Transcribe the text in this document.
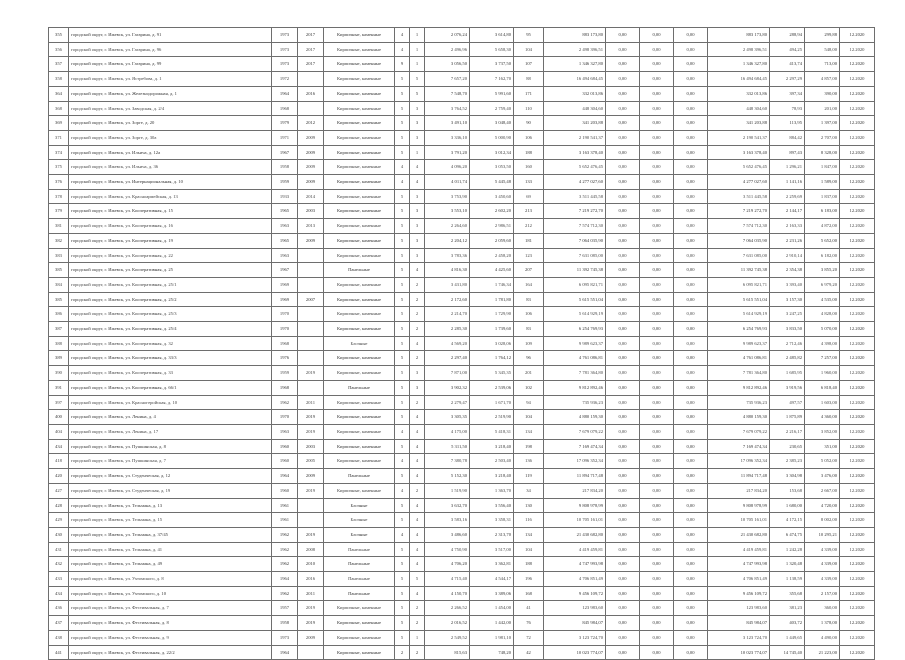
355	городской округ, г. Ижевск, ул. Гагарина, д. 91	1973	2017	Кирпичные, каменные	4	1	2 076,24	3 614,80	95	883 173,80	0,00	0,00	0,00	883 173,80	288,94	299,88	12.2020
356	городской округ, г. Ижевск, ул. Гагарина, д. 96	1973	2017	Кирпичные, каменные	4	1	2 496,96	5 658,30	104	2 498 396,51	0,00	0,00	0,00	2 498 396,51	494,25	548,00	12.2020
357	городской округ, г. Ижевск, ул. Гагарина, д. 99	1973	2017	Кирпичные, каменные	9	1	3 056,50	3 737,50	107	1 346 327,80	0,00	0,00	0,00	1 346 327,80	413,74	713,00	12.2020
358	городской округ, г. Ижевск, ул. Ястребова, д. 1	1972		Кирпичные, каменные	5	5	7 657,20	7 162,70	88	16 494 684,45	0,00	0,00	0,00	16 494 684,45	2 297,29	4 857,00	12.2020
364	городской округ, г. Ижевск, ул. Железнодорожная, д. 1	1964	2016	Кирпичные, каменные	5	5	7 548,70	5 991,60	171	332 013,86	0,00	0,00	0,00	332 013,86	397,34	390,00	12.2020
368	городской округ, г. Ижевск, ул. Заводская, д. 2/4	1968		Кирпичные, каменные	5	3	3 764,52	2 759,40	110	448 304,60	0,00	0,00	0,00	448 304,60	78,93	201,00	12.2020
369	городской округ, г. Ижевск, ул. Зорге, д. 20	1979	2012	Кирпичные, каменные	5	3	3 491,10	3 048,40	90	341 203,88	0,00	0,00	0,00	341 203,88	113,95	1 397,00	12.2020
371	городской округ, г. Ижевск, ул. Зорге, д. 30а	1971	2009	Кирпичные, каменные	5	3	3 336,10	5 000,90	106	2 190 541,37	0,00	0,00	0,00	2 190 541,37	884,42	2 707,00	12.2020
374	городской округ, г. Ижевск, ул. Ильича, д. 12а	1967	2009	Кирпичные, каменные	5	1	3 791,20	3 012,34	188	3 163 378,40	0,00	0,00	0,00	3 163 378,40	897,43	8 328,00	12.2020
375	городской округ, г. Ижевск, ул. Ильича, д. 36	1958	2009	Кирпичные, каменные	4	4	4 096,20	3 053,50	160	5 652 476,45	0,00	0,00	0,00	5 652 476,45	1 296,21	1 847,00	12.2020
376	городской округ, г. Ижевск, ул. Интернациональная, д. 10	1959	2009	Кирпичные, каменные	4	4	4 011,74	5 445,48	133	4 277 027,60	0,00	0,00	0,00	4 277 027,60	1 141,16	1 589,00	12.2020
378	городской округ, г. Ижевск, ул. Красноармейская, д. 13	1933	2014	Кирпичные, каменные	5	3	3 753,90	3 450,60	69	3 511 445,58	0,00	0,00	0,00	3 511 445,58	2 259,69	1 837,00	12.2020
379	городской округ, г. Ижевск, ул. Кооперативная, д. 15	1965	2003	Кирпичные, каменные	5	3	3 553,10	2 602,20	213	7 219 272,70	0,00	0,00	0,00	7 219 272,70	2 144,17	6 183,00	12.2020
381	городской округ, г. Ижевск, ул. Кооперативная, д. 16	1963	2013	Кирпичные, каменные	5	3	2 264,60	2 986,51	212	7 574 712,30	0,00	0,00	0,00	7 574 712,30	2 163,33	4 872,00	12.2020
382	городской округ, г. Ижевск, ул. Кооперативная, д. 19	1965	2009	Кирпичные, каменные	5	3	2 204,12	2 059,60	181	7 064 035,90	0,00	0,00	0,00	7 064 035,90	2 231,26	5 652,00	12.2020
383	городской округ, г. Ижевск, ул. Кооперативная, д. 22	1963		Кирпичные, каменные	5	3	3 783,36	2 458,20	123	7 631 085,00	0,00	0,00	0,00	7 631 085,00	2 910,14	6 182,00	12.2020
385	городской округ, г. Ижевск, ул. Кооперативная, д. 25	1967		Панельные	5	4	4 816,30	4 425,60	207	11 392 745,38	0,00	0,00	0,00	11 392 745,38	2 354,38	3 855,20	12.2020
384	городской округ, г. Ижевск, ул. Кооперативная, д. 25/1	1969		Кирпичные, каменные	5	2	3 431,80	1 746,34	164	6 095 821,71	0,00	0,00	0,00	6 095 821,71	3 393,40	6 979,20	12.2020
385	городской округ, г. Ижевск, ул. Кооперативная, д. 25/2	1969	2007	Кирпичные, каменные	5	2	2 172,60	1 781,80	83	5 615 551,04	0,00	0,00	0,00	5 615 551,04	3 157,30	4 535,00	12.2020
386	городской округ, г. Ижевск, ул. Кооперативная, д. 25/3	1970		Кирпичные, каменные	5	2	2 214,70	1 729,90	106	5 614 929,19	0,00	0,00	0,00	5 614 929,19	3 247,25	4 828,00	12.2020
387	городской округ, г. Ижевск, ул. Кооперативная, д. 25/4	1970		Кирпичные, каменные	5	2	2 285,30	1 739,60	83	6 254 769,93	0,00	0,00	0,00	6 254 769,93	3 833,50	5 070,00	12.2020
388	городской округ, г. Ижевск, ул. Кооперативная, д. 32	1968		Блочные	5	4	4 569,20	3 028,06	109	9 989 623,37	0,00	0,00	0,00	9 989 623,37	2 712,46	4 398,00	12.2020
389	городской округ, г. Ижевск, ул. Кооперативная, д. 33/3	1976		Кирпичные, каменные	5	2	2 297,40	1 764,12	96	4 761 086,81	0,00	0,00	0,00	4 761 086,81	2 485,82	7 257,00	12.2020
390	городской округ, г. Ижевск, ул. Кооперативная, д. 33	1959	2019	Кирпичные, каменные	5	3	7 871,00	5 345,35	201	7 781 364,80	0,00	0,00	0,00	7 781 364,80	1 685,95	1 960,00	12.2020
391	городской округ, г. Ижевск, ул. Кооперативная, д. 66/1	1968		Панельные	5	3	3 902,32	2 539,06	102	9 812 892,46	0,00	0,00	0,00	9 812 892,46	3 919,56	6 818,40	12.2020
397	городской округ, г. Ижевск, ул. Красногеройская, д. 10	1962	2011	Кирпичные, каменные	5	2	2 279,47	1 671,70	94	735 936,23	0,00	0,00	0,00	735 936,23	497,57	1 603,00	12.2020
400	городской округ, г. Ижевск, ул. Ленина, д. 4	1970	2019	Кирпичные, каменные	5	4	3 305,35	2 519,90	104	4 880 159,30	0,00	0,00	0,00	4 880 159,30	1 875,89	4 360,00	12.2020
404	городской округ, г. Ижевск, ул. Ленина, д. 17	1963	2019	Кирпичные, каменные	4	4	4 175,00	5 418,31	134	7 679 079,22	0,00	0,00	0,00	7 679 079,22	2 216,17	3 852,00	12.2020
434	городской округ, г. Ижевск, ул. Пушкинская, д. 8	1960	2003	Кирпичные, каменные	5	4	5 311,50	3 218,40	198	7 169 474,34	0,00	0,00	0,00	7 169 474,34	230,65	351,00	12.2020
418	городской округ, г. Ижевск, ул. Пушкинская, д. 7	1960	2005	Кирпичные, каменные	4	4	7 380,78	2 503,40	136	17 096 352,34	0,00	0,00	0,00	17 096 352,34	2 385,23	5 052,00	12.2020
420	городской округ, г. Ижевск, ул. Студенческая, д. 12	1964	2009	Панельные	5	4	5 152,30	3 218,40	119	11 894 717,48	0,00	0,00	0,00	11 894 717,48	3 304,98	3 476,00	12.2020
427	городской округ, г. Ижевск, ул. Студенческая, д. 19	1960	2019	Кирпичные, каменные	4	2	1 519,90	1 363,70	34	217 834,20	0,00	0,00	0,00	217 834,20	153,68	2 667,00	12.2020
428	городской округ, г. Ижевск, ул. Тельмана, д. 13	1961		Блочные	5	4	3 632,70	3 556,40	130	9 808 978,99	0,00	0,00	0,00	9 808 978,99	1 680,00	4 720,00	12.2020
429	городской округ, г. Ижевск, ул. Тельмана, д. 15	1961		Блочные	5	4	3 583,16	3 358,31	116	10 705 161,01	0,00	0,00	0,00	10 705 161,01	4 172,15	8 002,00	12.2020
430	городской округ, г. Ижевск, ул. Тельмана, д. 37/45	1962	2019	Блочные	4	4	3 486,60	2 313,70	134	21 430 682,80	0,00	0,00	0,00	21 430 682,80	6 474,75	10 295,21	12.2020
431	городской округ, г. Ижевск, ул. Тельмана, д. 41	1962	2008	Панельные	5	4	4 750,90	3 517,00	104	4 419 459,81	0,00	0,00	0,00	4 419 459,81	1 242,28	4 339,00	12.2020
432	городской округ, г. Ижевск, ул. Тельмана, д. 49	1962	2010	Панельные	5	4	4 706,20	3 362,81	188	4 747 993,98	0,00	0,00	0,00	4 747 993,98	1 320,48	4 339,00	12.2020
433	городской округ, г. Ижевск, ул. Ухтомского, д. 8	1964	2016	Панельные	5	5	4 715,40	4 544,17	196	4 706 851,49	0,00	0,00	0,00	4 706 851,49	1 138,59	4 339,00	12.2020
434	городской округ, г. Ижевск, ул. Ухтомского, д. 10	1962	2011	Панельные	5	4	4 150,70	3 389,06	168	9 456 109,72	0,00	0,00	0,00	9 456 109,72	355,68	2 157,00	12.2020
436	городской округ, г. Ижевск, ул. Фестивальная, д. 7	1957	2019	Кирпичные, каменные	5	2	2 266,52	1 454,00	41	123 983,60	0,00	0,00	0,00	123 983,60	381,23	360,00	12.2020
437	городской округ, г. Ижевск, ул. Фестивальная, д. 8	1958	2019	Кирпичные, каменные	5	2	2 016,52	1 442,00	76	845 984,07	0,00	0,00	0,00	845 984,07	403,72	1 378,00	12.2020
438	городской округ, г. Ижевск, ул. Фестивальная, д. 9	1973	2009	Кирпичные, каменные	5	1	2 549,52	1 981,10	72	3 123 724,70	0,00	0,00	0,00	3 123 724,70	1 449,65	4 490,00	12.2020
441	городской округ, г. Ижевск, ул. Фестивальная, д. 22/2	1964		Кирпичные, каменные	2	2	815,63	748,20	42	10 023 774,07	0,00	0,00	0,00	10 023 774,07	14 745,40	21 223,00	12.2020
